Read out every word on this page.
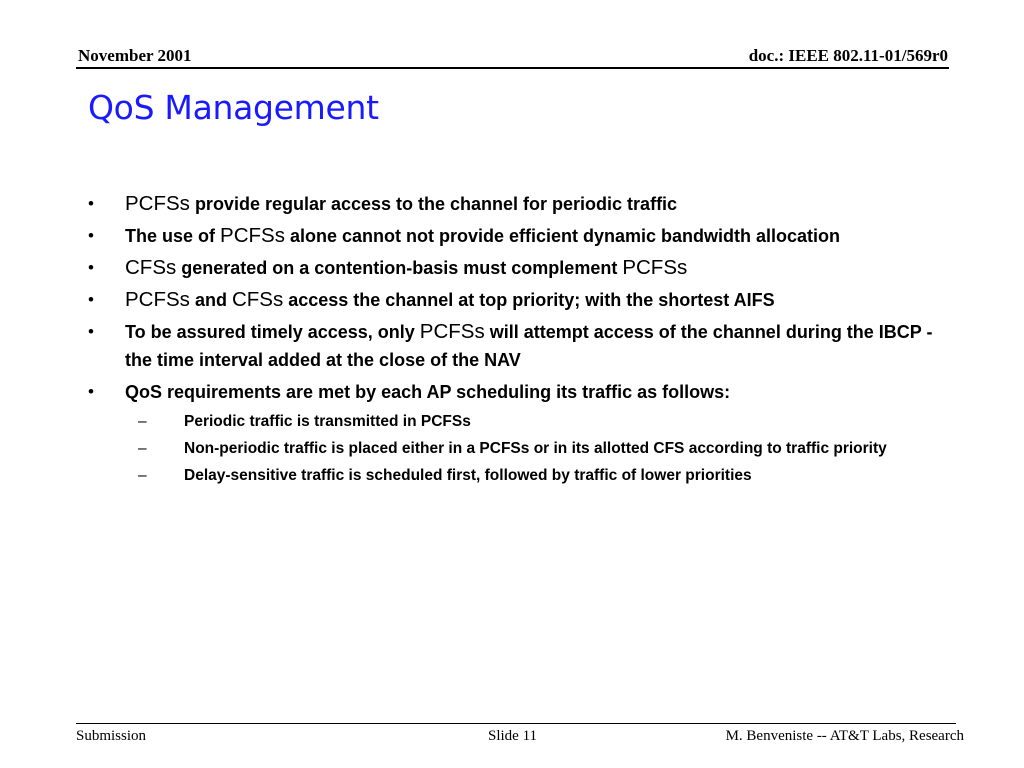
November 2001	doc.: IEEE 802.11-01/569r0
QoS Management
• PCFSs provide regular access to the channel for periodic traffic
• The use of PCFSs alone cannot not provide efficient dynamic bandwidth allocation
• CFSs generated on a contention-basis must complement PCFSs
• PCFSs and CFSs access the channel at top priority; with the shortest AIFS
• To be assured timely access, only PCFSs will attempt access of the channel during the IBCP - the time interval added at the close of the NAV
• QoS requirements are met by each AP scheduling its traffic as follows:
– Periodic traffic is transmitted in PCFSs
– Non-periodic traffic is placed either in a PCFSs or in its allotted CFS according to traffic priority
– Delay-sensitive traffic is scheduled first, followed by traffic of lower priorities
Submission	Slide 11	M. Benveniste -- AT&T Labs, Research
